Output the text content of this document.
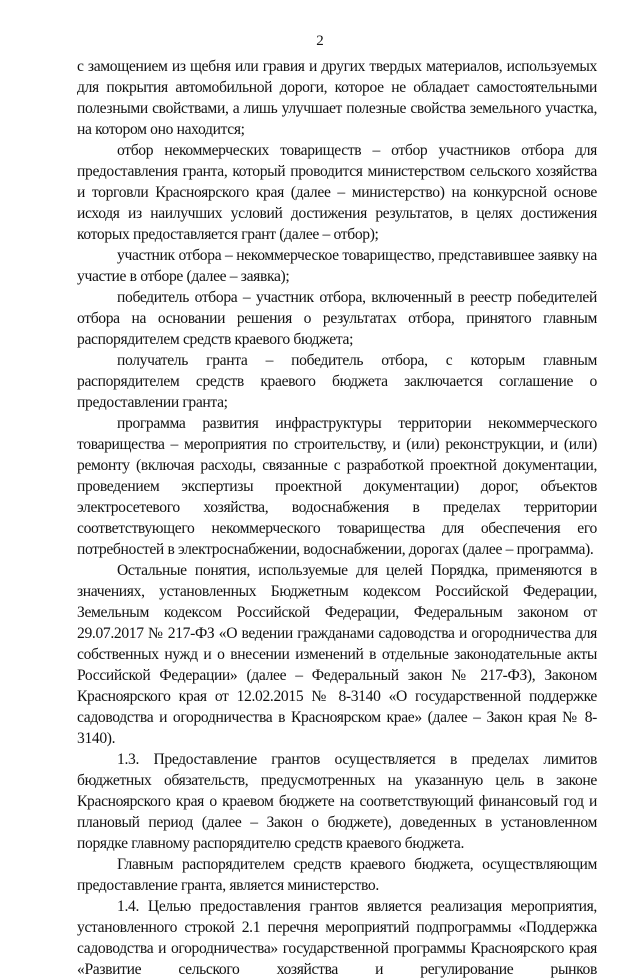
2

с замощением из щебня или гравия и других твердых материалов, используемых для покрытия автомобильной дороги, которое не обладает самостоятельными полезными свойствами, а лишь улучшает полезные свойства земельного участка, на котором оно находится;

отбор некоммерческих товариществ – отбор участников отбора для предоставления гранта, который проводится министерством сельского хозяйства и торговли Красноярского края (далее – министерство) на конкурсной основе исходя из наилучших условий достижения результатов, в целях достижения которых предоставляется грант (далее – отбор);

участник отбора – некоммерческое товарищество, представившее заявку на участие в отборе (далее – заявка);

победитель отбора – участник отбора, включенный в реестр победителей отбора на основании решения о результатах отбора, принятого главным распорядителем средств краевого бюджета;

получатель гранта – победитель отбора, с которым главным распорядителем средств краевого бюджета заключается соглашение о предоставлении гранта;

программа развития инфраструктуры территории некоммерческого товарищества – мероприятия по строительству, и (или) реконструкции, и (или) ремонту (включая расходы, связанные с разработкой проектной документации, проведением экспертизы проектной документации) дорог, объектов электросетевого хозяйства, водоснабжения в пределах территории соответствующего некоммерческого товарищества для обеспечения его потребностей в электроснабжении, водоснабжении, дорогах (далее – программа).

Остальные понятия, используемые для целей Порядка, применяются в значениях, установленных Бюджетным кодексом Российской Федерации, Земельным кодексом Российской Федерации, Федеральным законом от 29.07.2017 № 217-ФЗ «О ведении гражданами садоводства и огородничества для собственных нужд и о внесении изменений в отдельные законодательные акты Российской Федерации» (далее – Федеральный закон № 217-ФЗ), Законом Красноярского края от 12.02.2015 № 8-3140 «О государственной поддержке садоводства и огородничества в Красноярском крае» (далее – Закон края № 8-3140).

1.3. Предоставление грантов осуществляется в пределах лимитов бюджетных обязательств, предусмотренных на указанную цель в законе Красноярского края о краевом бюджете на соответствующий финансовый год и плановый период (далее – Закон о бюджете), доведенных в установленном порядке главному распорядителю средств краевого бюджета.

Главным распорядителем средств краевого бюджета, осуществляющим предоставление гранта, является министерство.

1.4. Целью предоставления грантов является реализация мероприятия, установленного строкой 2.1 перечня мероприятий подпрограммы «Поддержка садоводства и огородничества» государственной программы Красноярского края «Развитие сельского хозяйства и регулирование рынков
